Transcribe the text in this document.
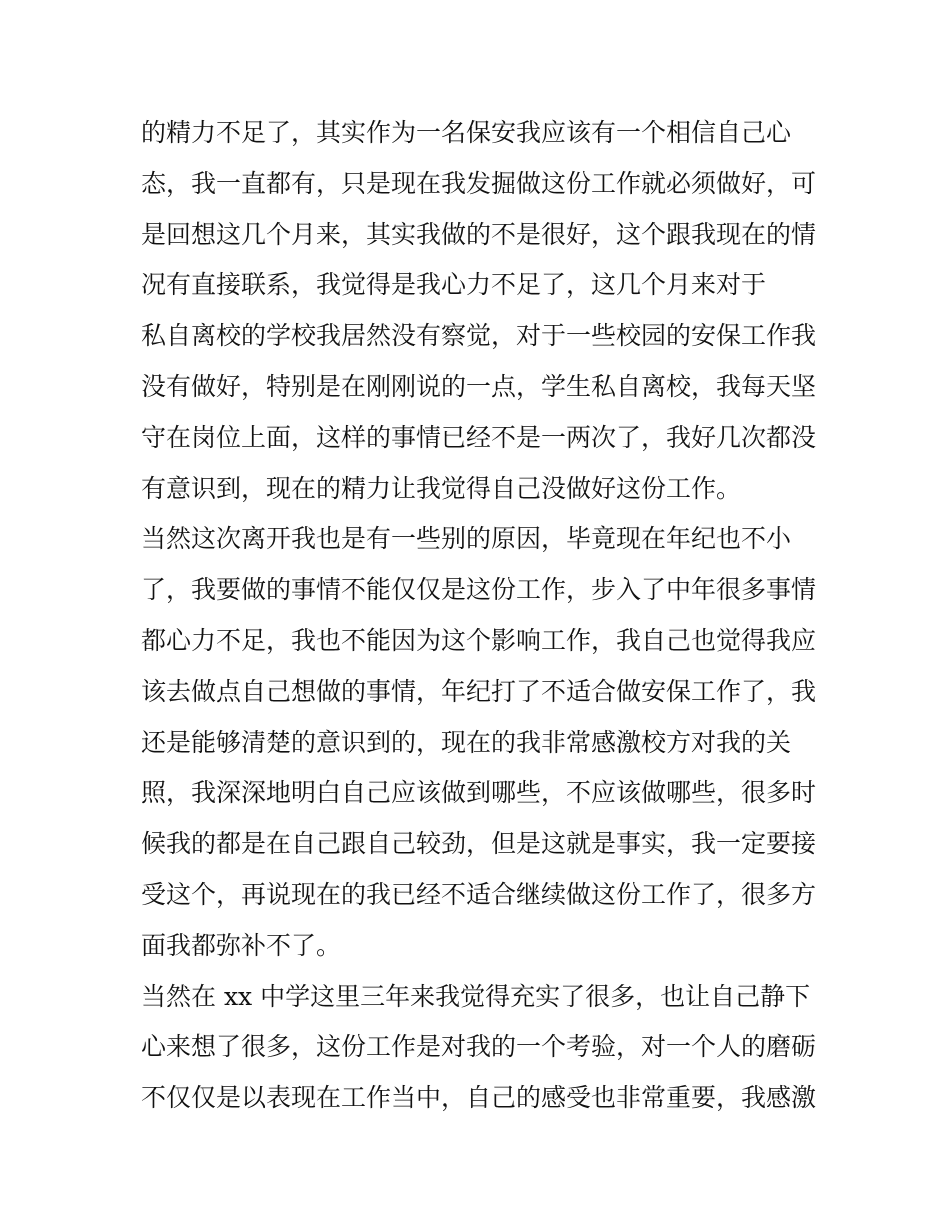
的精力不足了，其实作为一名保安我应该有一个相信自己心
态，我一直都有，只是现在我发掘做这份工作就必须做好，可
是回想这几个月来，其实我做的不是很好，这个跟我现在的情
况有直接联系，我觉得是我心力不足了，这几个月来对于
私自离校的学校我居然没有察觉，对于一些校园的安保工作我
没有做好，特别是在刚刚说的一点，学生私自离校，我每天坚
守在岗位上面，这样的事情已经不是一两次了，我好几次都没
有意识到，现在的精力让我觉得自己没做好这份工作。
当然这次离开我也是有一些别的原因，毕竟现在年纪也不小
了，我要做的事情不能仅仅是这份工作，步入了中年很多事情
都心力不足，我也不能因为这个影响工作，我自己也觉得我应
该去做点自己想做的事情，年纪打了不适合做安保工作了，我
还是能够清楚的意识到的，现在的我非常感激校方对我的关
照，我深深地明白自己应该做到哪些，不应该做哪些，很多时
候我的都是在自己跟自己较劲，但是这就是事实，我一定要接
受这个，再说现在的我已经不适合继续做这份工作了，很多方
面我都弥补不了。
当然在 xx 中学这里三年来我觉得充实了很多，也让自己静下
心来想了很多，这份工作是对我的一个考验，对一个人的磨砺
不仅仅是以表现在工作当中，自己的感受也非常重要，我感激
